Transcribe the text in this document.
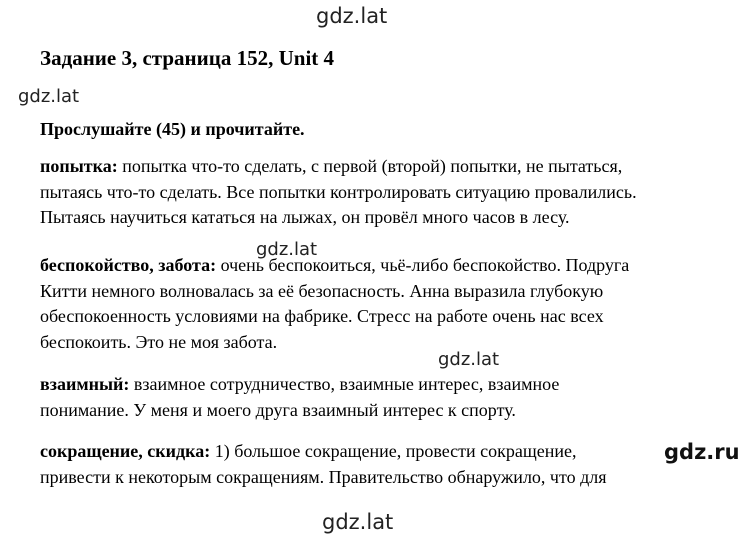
gdz.lat
gdz.lat
Задание 3, страница 152, Unit 4
Прослушайте (45) и прочитайте.
попытка: попытка что-то сделать, с первой (второй) попытки, не пытаться,
пытаясь что-то сделать. Все попытки контролировать ситуацию провалились.
Пытаясь научиться кататься на лыжах, он провёл много часов в лесу.
беспокойство, забота: очень беспокоиться, чьё-либо беспокойство. Подруга
Китти немного волновалась за её безопасность. Анна выразила глубокую
обеспокоенность условиями на фабрике. Стресс на работе очень нас всех
беспокоить. Это не моя забота.
взаимный: взаимное сотрудничество, взаимные интерес, взаимное
понимание. У меня и моего друга взаимный интерес к спорту.
сокращение, скидка: 1) большое сокращение, провести сокращение,
привести к некоторым сокращениям. Правительство обнаружило, что для
gdz.lat
gdz.lat
gdz.ru
gdz.lat
